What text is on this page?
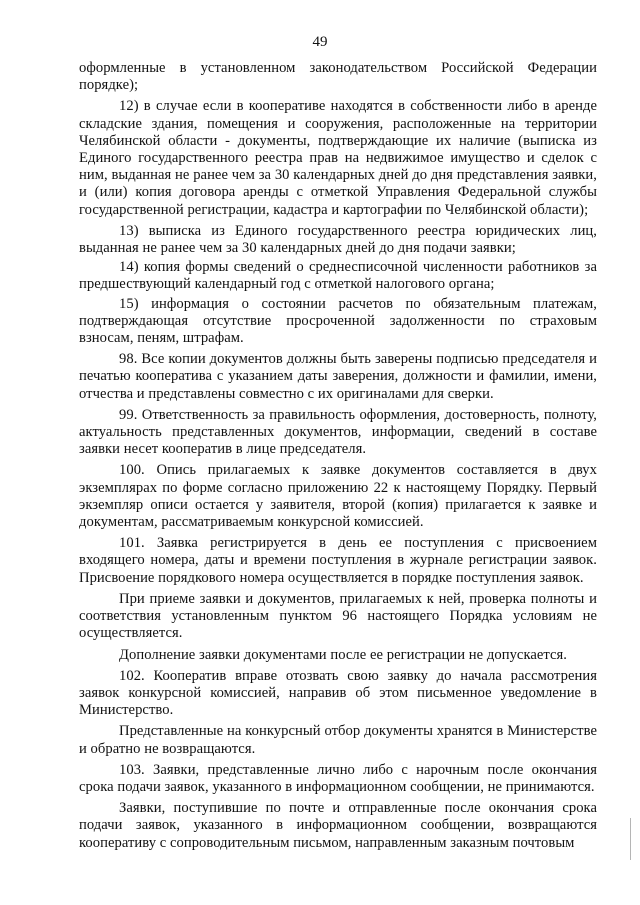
49

оформленные в установленном законодательством Российской Федерации порядке);

12) в случае если в кооперативе находятся в собственности либо в аренде складские здания, помещения и сооружения, расположенные на территории Челябинской области - документы, подтверждающие их наличие (выписка из Единого государственного реестра прав на недвижимое имущество и сделок с ним, выданная не ранее чем за 30 календарных дней до дня представления заявки, и (или) копия договора аренды с отметкой Управления Федеральной службы государственной регистрации, кадастра и картографии по Челябинской области);

13) выписка из Единого государственного реестра юридических лиц, выданная не ранее чем за 30 календарных дней до дня подачи заявки;

14) копия формы сведений о среднесписочной численности работников за предшествующий календарный год с отметкой налогового органа;

15) информация о состоянии расчетов по обязательным платежам, подтверждающая отсутствие просроченной задолженности по страховым взносам, пеням, штрафам.

98. Все копии документов должны быть заверены подписью председателя и печатью кооператива с указанием даты заверения, должности и фамилии, имени, отчества и представлены совместно с их оригиналами для сверки.

99. Ответственность за правильность оформления, достоверность, полноту, актуальность представленных документов, информации, сведений в составе заявки несет кооператив в лице председателя.

100. Опись прилагаемых к заявке документов составляется в двух экземплярах по форме согласно приложению 22 к настоящему Порядку. Первый экземпляр описи остается у заявителя, второй (копия) прилагается к заявке и документам, рассматриваемым конкурсной комиссией.

101. Заявка регистрируется в день ее поступления с присвоением входящего номера, даты и времени поступления в журнале регистрации заявок. Присвоение порядкового номера осуществляется в порядке поступления заявок.

При приеме заявки и документов, прилагаемых к ней, проверка полноты и соответствия установленным пунктом 96 настоящего Порядка условиям не осуществляется.

Дополнение заявки документами после ее регистрации не допускается.

102. Кооператив вправе отозвать свою заявку до начала рассмотрения заявок конкурсной комиссией, направив об этом письменное уведомление в Министерство.

Представленные на конкурсный отбор документы хранятся в Министерстве и обратно не возвращаются.

103. Заявки, представленные лично либо с нарочным после окончания срока подачи заявок, указанного в информационном сообщении, не принимаются.

Заявки, поступившие по почте и отправленные после окончания срока подачи заявок, указанного в информационном сообщении, возвращаются кооперативу с сопроводительным письмом, направленным заказным почтовым
